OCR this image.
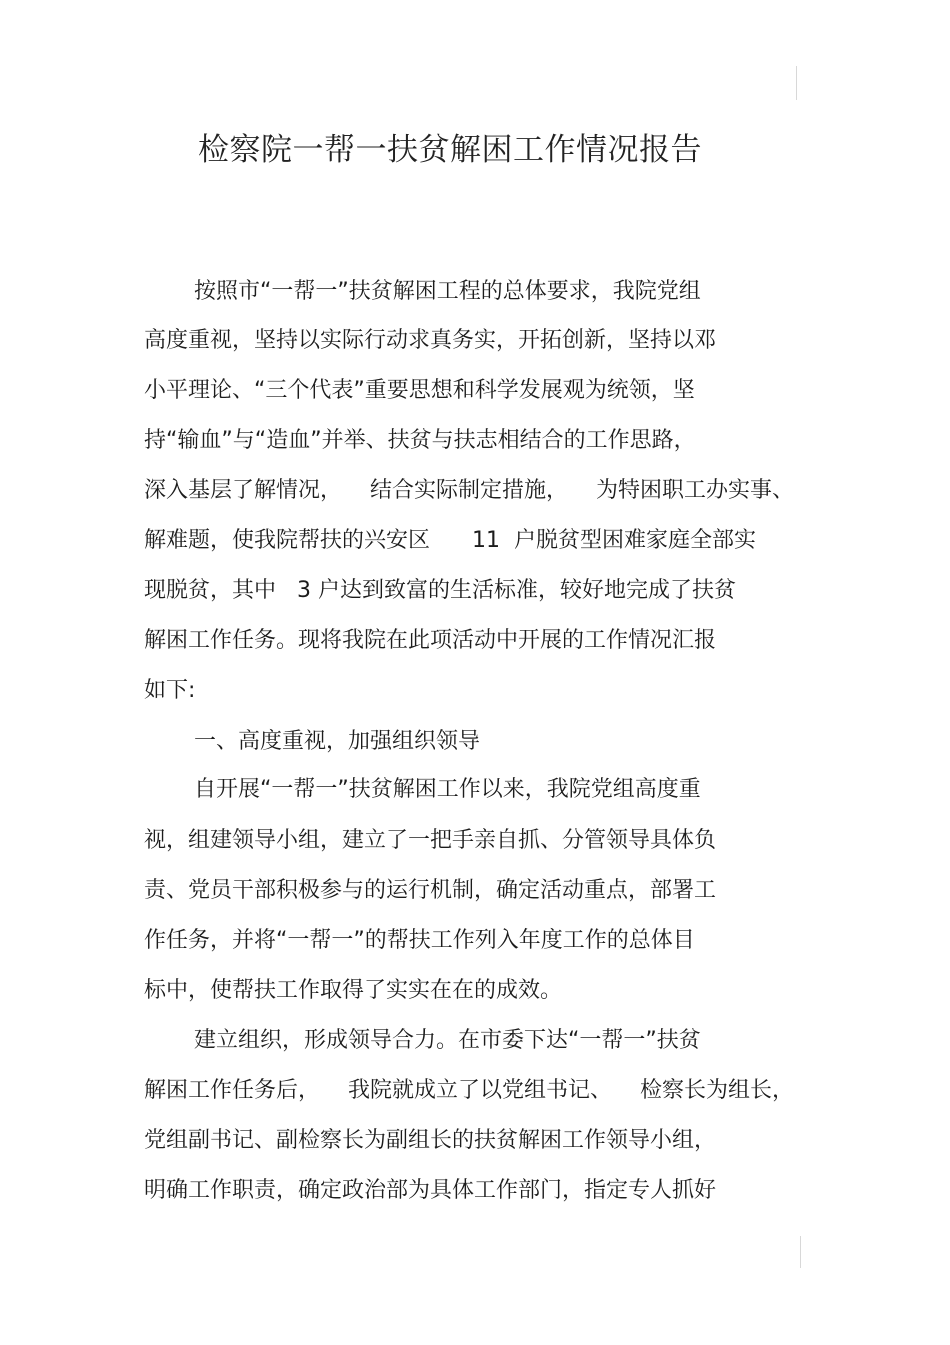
检察院一帮一扶贫解困工作情况报告

按照市“一帮一”扶贫解困工程的总体要求，我院党组

高度重视，坚持以实际行动求真务实，开拓创新，坚持以邓

小平理论、“三个代表”重要思想和科学发展观为统领，坚

持“输血”与“造血”并举、扶贫与扶志相结合的工作思路，

深入基层了解情况，    结合实际制定措施，    为特困职工办实事、

解难题，使我院帮扶的兴安区      11  户脱贫型困难家庭全部实

现脱贫，其中   3 户达到致富的生活标准，较好地完成了扶贫

解困工作任务。现将我院在此项活动中开展的工作情况汇报

如下:

一、高度重视，加强组织领导

自开展“一帮一”扶贫解困工作以来，我院党组高度重

视，组建领导小组，建立了一把手亲自抓、分管领导具体负

责、党员干部积极参与的运行机制，确定活动重点，部署工

作任务，并将“一帮一”的帮扶工作列入年度工作的总体目

标中，使帮扶工作取得了实实在在的成效。

建立组织，形成领导合力。在市委下达“一帮一”扶贫

解困工作任务后，    我院就成立了以党组书记、    检察长为组长，

党组副书记、副检察长为副组长的扶贫解困工作领导小组，

明确工作职责，确定政治部为具体工作部门，指定专人抓好
